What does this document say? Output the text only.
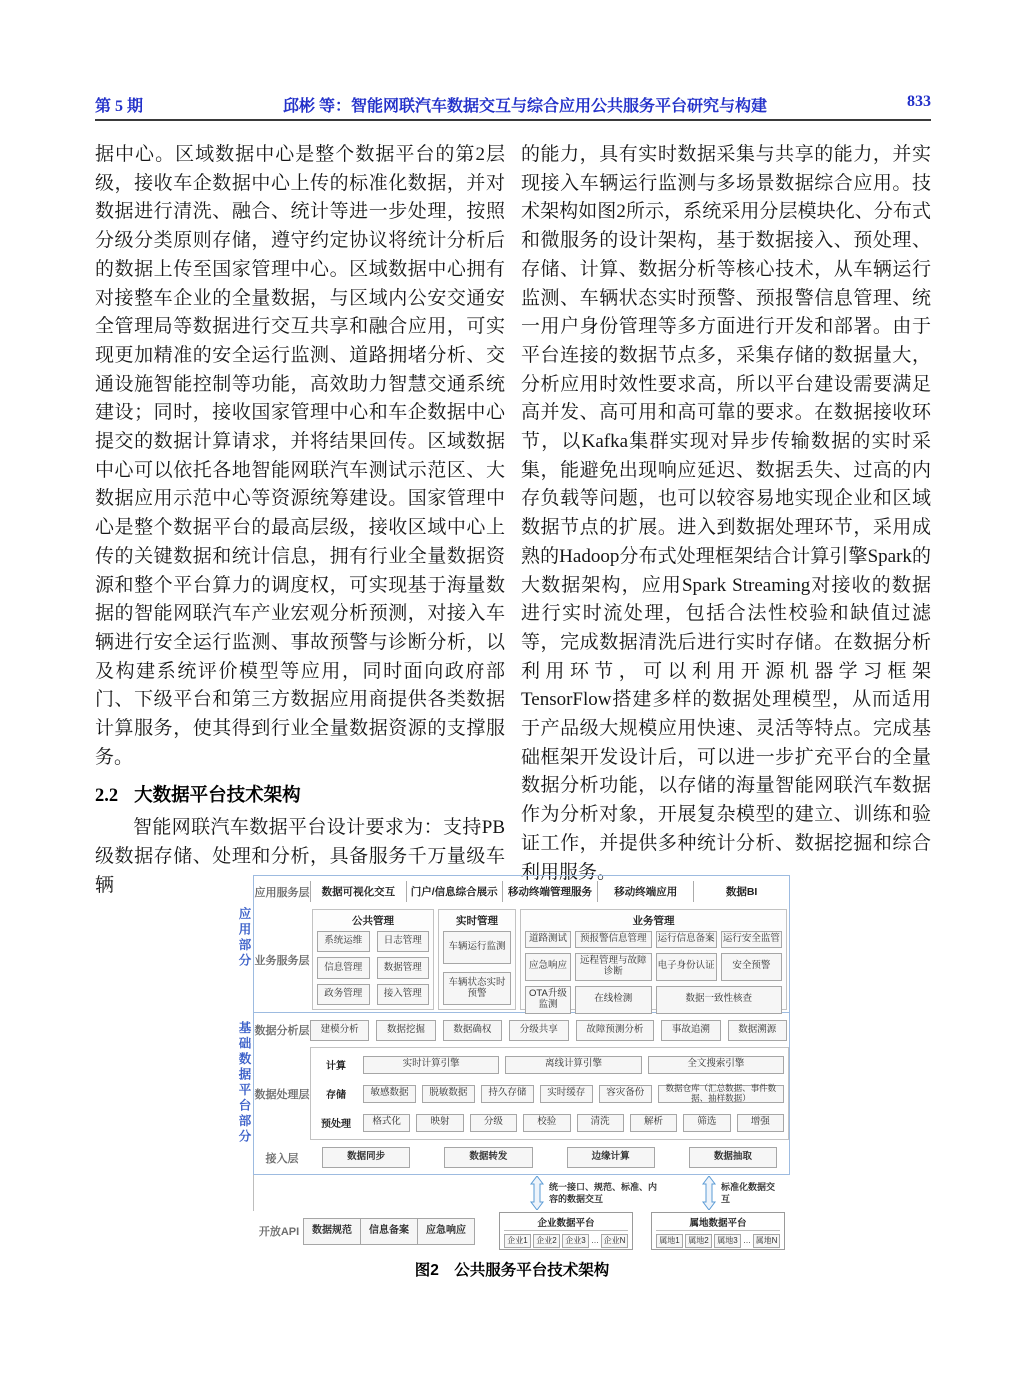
第 5 期	邱彬 等：智能网联汽车数据交互与综合应用公共服务平台研究与构建	833

据中心。区域数据中心是整个数据平台的第2层级，接收车企数据中心上传的标准化数据，并对数据进行清洗、融合、统计等进一步处理，按照分级分类原则存储，遵守约定协议将统计分析后的数据上传至国家管理中心。区域数据中心拥有对接整车企业的全量数据，与区域内公安交通安全管理局等数据进行交互共享和融合应用，可实现更加精准的安全运行监测、道路拥堵分析、交通设施智能控制等功能，高效助力智慧交通系统建设；同时，接收国家管理中心和车企数据中心提交的数据计算请求，并将结果回传。区域数据中心可以依托各地智能网联汽车测试示范区、大数据应用示范中心等资源统筹建设。国家管理中心是整个数据平台的最高层级，接收区域中心上传的关键数据和统计信息，拥有行业全量数据资源和整个平台算力的调度权，可实现基于海量数据的智能网联汽车产业宏观分析预测，对接入车辆进行安全运行监测、事故预警与诊断分析，以及构建系统评价模型等应用，同时面向政府部门、下级平台和第三方数据应用商提供各类数据计算服务，使其得到行业全量数据资源的支撑服务。

2.2 大数据平台技术架构

智能网联汽车数据平台设计要求为：支持PB级数据存储、处理和分析，具备服务千万量级车辆

的能力，具有实时数据采集与共享的能力，并实现接入车辆运行监测与多场景数据综合应用。技术架构如图2所示，系统采用分层模块化、分布式和微服务的设计架构，基于数据接入、预处理、存储、计算、数据分析等核心技术，从车辆运行监测、车辆状态实时预警、预报警信息管理、统一用户身份管理等多方面进行开发和部署。由于平台连接的数据节点多，采集存储的数据量大，分析应用时效性要求高，所以平台建设需要满足高并发、高可用和高可靠的要求。在数据接收环节，以Kafka集群实现对异步传输数据的实时采集，能避免出现响应延迟、数据丢失、过高的内存负载等问题，也可以较容易地实现企业和区域数据节点的扩展。进入到数据处理环节，采用成熟的Hadoop分布式处理框架结合计算引擎Spark的大数据架构，应用Spark Streaming对接收的数据进行实时流处理，包括合法性校验和缺值过滤等，完成数据清洗后进行实时存储。在数据分析利用环节，可以利用开源机器学习框架TensorFlow搭建多样的数据处理模型，从而适用于产品级大规模应用快速、灵活等特点。完成基础框架开发设计后，可以进一步扩充平台的全量数据分析功能，以存储的海量智能网联汽车数据作为分析对象，开展复杂模型的建立、训练和验证工作，并提供多种统计分析、数据挖掘和综合利用服务。

应用部分
基础数据平台部分
应用服务层	数据可视化交互	门户/信息综合展示 移动终端管理服务	移动终端应用	数据BI
业务服务层
公共管理
系统运维	日志管理
信息管理	数据管理
政务管理	接入管理
实时管理
车辆运行监测
车辆状态实时预警
业务管理
道路测试	预报警信息管理	运行信息备案 运行安全监管
应急响应	远程管理与故障诊断	电子身份认证	安全预警
OTA升级监测	在线检测	数据一致性核查
数据分析层	建模分析	数据挖掘	数据确权	分级共享	故障预测分析	事故追溯	数据溯源
数据处理层
计算	实时计算引擎	离线计算引擎	全文搜索引擎
存储	敏感数据	脱敏数据	持久存储	实时缓存	容灾备份	数据仓库（汇总数据、事件数据、抽样数据）
预处理	格式化	映射	分级	校验	清洗	解析	筛选	增强
接入层	数据同步	数据转发	边缘计算	数据抽取
统一接口、规范、标准、内容的数据交互
标准化数据交互
开放API	数据规范	信息备案	应急响应
企业数据平台
企业1	企业2	企业3 … 企业N
属地数据平台
属地1	属地2	属地3 … 属地N
图2　公共服务平台技术架构
